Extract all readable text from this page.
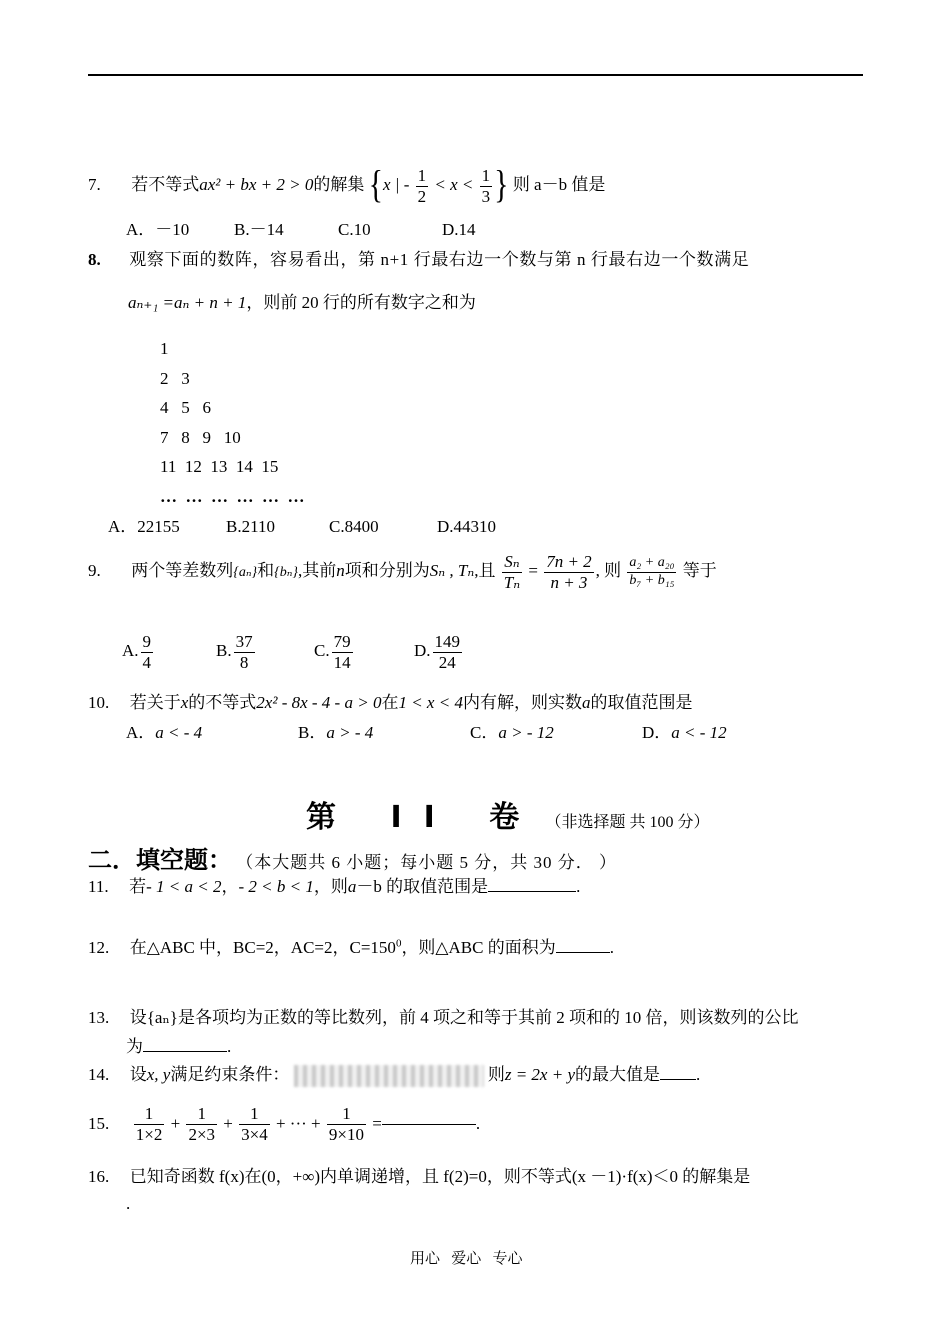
7. 若不等式ax² + bx + 2 > 0的解集 {x | - $\frac{1}{2} < x < \frac{1}{3}$ } 则 a－b 值是
A．－10	B.－14	C.10	D.14
8. 观察下面的数阵，容易看出，第 n+1 行最右边一个数与第 n 行最右边一个数满足
aₙ₊₁ =aₙ + n + 1，则前 20 行的所有数字之和为
1
2   3
4   5   6
7   8   9   10
11  12  13  14  15
…  …  …  …  …  …
A．22155	B.2110	C.8400	D.44310
9. 两个等差数列{aₙ}和{bₙ},其前n项和分别为Sₙ , Tₙ,且 $\frac{\text{Sₙ}}{\text{Tₙ}} = \frac{7n + 2}{n + 3}$ , 则 $\frac{\text{a₂ + a₂₀}}{\text{b₇ + b₁₅}}$ 等于
A. $\frac{9}{4}$	B. $\frac{37}{8}$	C. $\frac{79}{14}$	D. $\frac{149}{24}$
10. 若关于x的不等式2x² - 8x - 4 - a > 0在1 < x < 4内有解，则实数a的取值范围是
A．a < - 4	B．a > - 4	C．a > - 12	D．a < - 12
第 II 卷 （非选择题 共 100 分）
二．填空题： （本大题共 6 小题；每小题 5 分，共 30 分． ）
11. 若- 1 < a < 2，- 2 < b < 1，则a－b 的取值范围是	.
12. 在△ABC 中，BC=2，AC=2，$C=150^0$，则△ABC 的面积为	.
13. 设{aₙ}是各项均为正数的等比数列，前 4 项之和等于其前 2 项和的 10 倍，则该数列的公比
为	.
14. 设x, y满足约束条件：	则z = 2x + y的最大值是 .
15. $\frac{1}{1\times 2} + \frac{1}{2\times 3} + \frac{1}{3\times 4}$ + ··· + $\frac{1}{9\times 10}$ =	.
16. 已知奇函数 f(x)在(0，+∞)内单调递增，且 f(2)=0，则不等式(x －1)·f(x)＜0 的解集是
.
用心   爱心   专心
